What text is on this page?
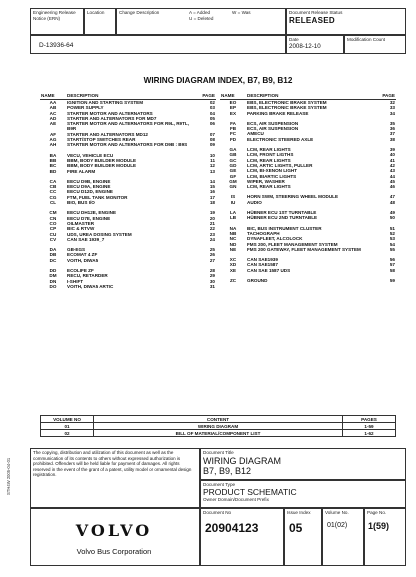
Engineering Release Notice (ERN)
Location	Change Description	A = Added
U = Deleted
W = Was	Document Release Status
RELEASED
D-13936-64
Date
2008-12-10
Modification Count
WIRING DIAGRAM INDEX, B7, B9, B12
NAME	DESCRIPTION	PAGE
AA	IGNITION AND STARTING SYSTEM	02
AB	POWER SUPPLY	03
AC	STARTER MOTOR AND ALTERNATORS	04
AD	STARTER AND ALTERNATORS FOR MD7	05
AE	STARTER MOTOR AND ALTERNATORS FOR R9L, R9TL, B9R	06
AF	STARTER AND ALTERNATORS MD12	07
AG	START/STOP SWITCHES REAR	08
AH	STARTER MOTOR AND ALTERNATORS FOR D9B : B9S	09

BA	VECU, VEHICLE ECU	10
BB	BBM, BODY BUILDER MODULE	11
BC	BBM, BODY BUILDER MODULE	12
BD	FIRE ALARM	13

CA	EECU D9B, ENGINE	14
CB	EECU D9A, ENGINE	15
CC	EECU D12D, ENGINE	16
CG	FTM, FUEL TANK MONITOR	17
CL	BIO, BUS I/O	18

CM	EECU DH12E, ENGINE	19
CN	EECU D7E, ENGINE	20
CO	OILMASTER	21
CP	BIC & RTVW	22
CU	UDS, UREA DOSING SYSTEM	23
CV	CAN SAE 1939_7	24

DA	GB-EGS	25
DB	ECOMAT 4 ZF	26
DC	VOITH, DIWA5	27

DD	ECOLIFE ZF	28
DM	RECU, RETARDER	29
DN	I-SHIFT	30
DO	VOITH, DIWA5 ARTIC	31
NAME	DESCRIPTION	PAGE
EO	EBS, ELECTRONIC BRAKE SYSTEM	32
EP	EBS, ELECTRONIC BRAKE SYSTEM	33
EX	PARKING BRAKE RELEASE	34

FA	ECS, AIR SUSPENSION	35
FB	ECS, AIR SUSPENSION	36
FC	AMECU	37
FD	ELECTRONIC STEERED AXLE	38

GA	LCM, REAR LIGHTS	39
GB	LCM, FRONT LIGTHS	40
GC	LCM, REAR LIGHTS	41
GD	LCM, ARTIC LIGHTS, PULLER	42
GE	LCM, BI-XENON LIGHT	43
GF	LCM, BIARTIC LIGHTS	44
GM	WIPER, WASHER	45
GN	LCM, REAR LIGHTS	46

IS	HORN SWM, STEERING WHEEL MODULE	47
IU	AUDIO	48

LA	HÜBNER ECU 1ST TURNTABLE	49
LB	HÜBNER ECU 2ND TURNTABLE	50

NA	BIC, BUS INSTRUMENT CLUSTER	51
NB	TACHOGRAPH	52
NC	DYNAFLEET, ALCOLOCK	53
ND	FMS 200, FLEET MANAGEMENT SYSTEM	54
NE	FMS 200 GATEWAY, FLEET MANAGEMENT SYSTEM	55

XC	CAN SAE1939	56
XD	CAN SAE1587	57
XE	CAN SAE 1587 UDS	58

ZC	GROUND	59
VOLUME NO	CONTENT	PAGES
01	WIRING DIAGRAM	1-59
02	BILL OF MATERIAL/COMPONENT LIST	1-62
The copying, distribution and utilization of this document as well as the communication of its contents to others without expressed authorization is prohibited. Offenders will be held liable for payment of damages. All rights reserved in the event of the grant of a patent, utility model or ornamental design registration.
Document Title
WIRING DIAGRAM
B7, B9, B12
Document Type
PRODUCT SCHEMATIC
Owner Domain/Document Prefix
VOLVO
Volvo Bus Corporation
Document No
20904123
Issue Index
05
Volume No.
01(02)
Page No.
1(59)
STH4W 2005-04-01
